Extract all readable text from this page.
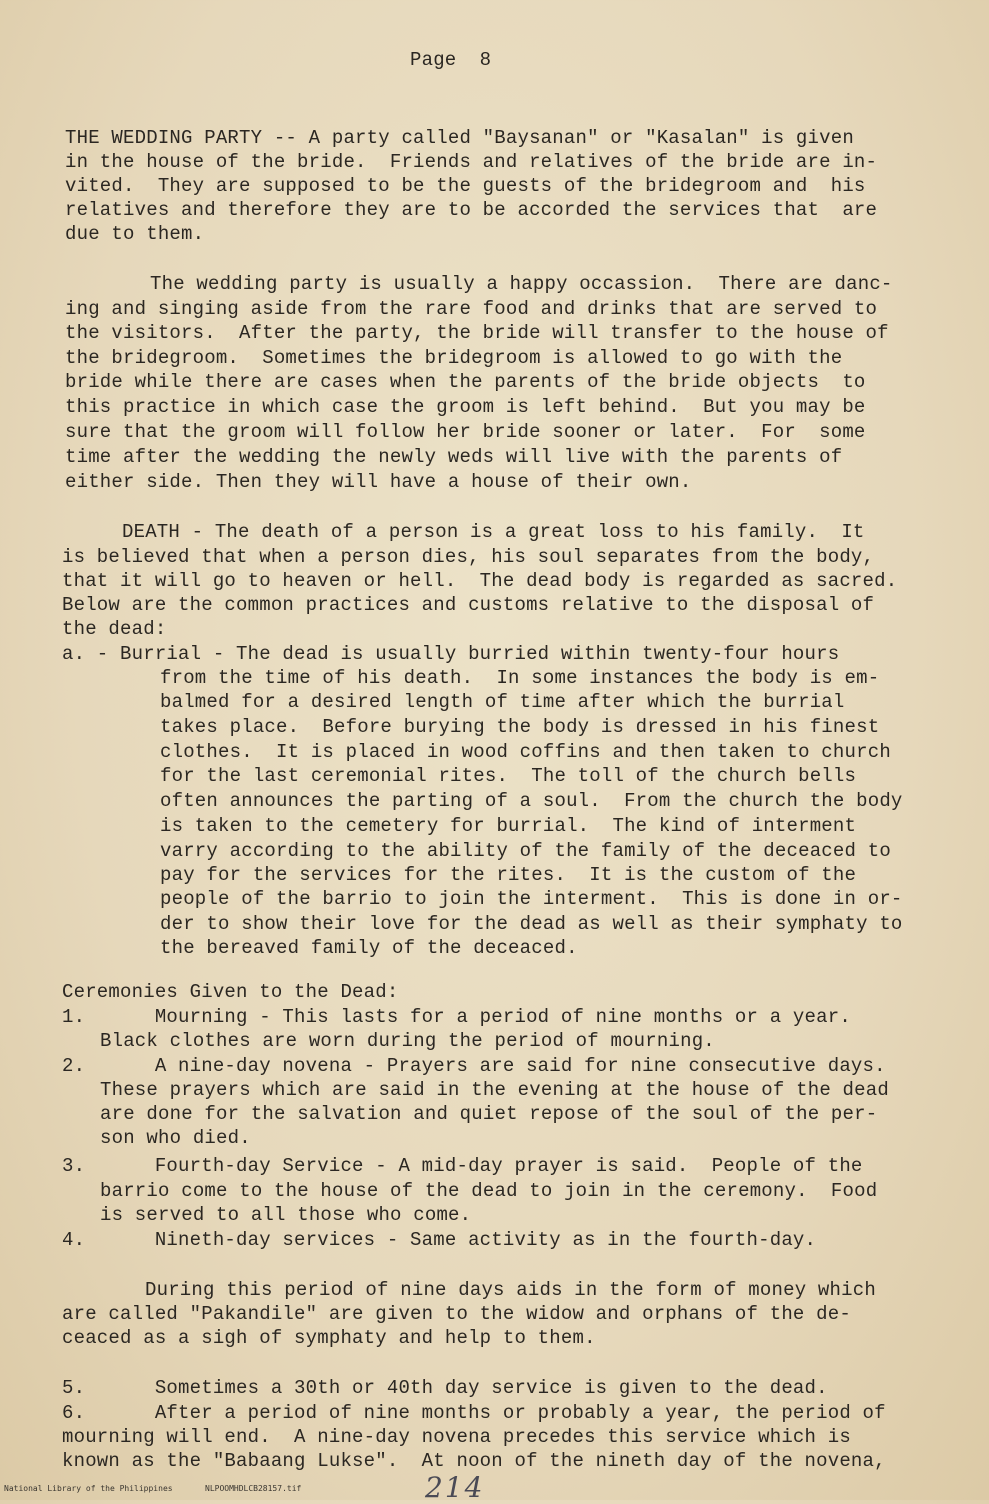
Page  8
THE WEDDING PARTY -- A party called "Baysanan" or "Kasalan" is given
in the house of the bride.  Friends and relatives of the bride are in-
vited.  They are supposed to be the guests of the bridegroom and  his
relatives and therefore they are to be accorded the services that  are
due to them.
The wedding party is usually a happy occassion.  There are danc-
ing and singing aside from the rare food and drinks that are served to
the visitors.  After the party, the bride will transfer to the house of
the bridegroom.  Sometimes the bridegroom is allowed to go with the
bride while there are cases when the parents of the bride objects  to
this practice in which case the groom is left behind.  But you may be
sure that the groom will follow her bride sooner or later.  For  some
time after the wedding the newly weds will live with the parents of
either side. Then they will have a house of their own.
DEATH - The death of a person is a great loss to his family.  It
is believed that when a person dies, his soul separates from the body,
that it will go to heaven or hell.  The dead body is regarded as sacred.
Below are the common practices and customs relative to the disposal of
the dead:
a. - Burrial - The dead is usually burried within twenty-four hours
from the time of his death.  In some instances the body is em-
balmed for a desired length of time after which the burrial
takes place.  Before burying the body is dressed in his finest
clothes.  It is placed in wood coffins and then taken to church
for the last ceremonial rites.  The toll of the church bells
often announces the parting of a soul.  From the church the body
is taken to the cemetery for burrial.  The kind of interment
varry according to the ability of the family of the deceaced to
pay for the services for the rites.  It is the custom of the
people of the barrio to join the interment.  This is done in or-
der to show their love for the dead as well as their symphaty to
the bereaved family of the deceaced.
Ceremonies Given to the Dead:
1.      Mourning - This lasts for a period of nine months or a year.
Black clothes are worn during the period of mourning.
2.      A nine-day novena - Prayers are said for nine consecutive days.
These prayers which are said in the evening at the house of the dead
are done for the salvation and quiet repose of the soul of the per-
son who died.
3.      Fourth-day Service - A mid-day prayer is said.  People of the
barrio come to the house of the dead to join in the ceremony.  Food
is served to all those who come.
4.      Nineth-day services - Same activity as in the fourth-day.
During this period of nine days aids in the form of money which
are called "Pakandile" are given to the widow and orphans of the de-
ceaced as a sigh of symphaty and help to them.
5.      Sometimes a 30th or 40th day service is given to the dead.
6.      After a period of nine months or probably a year, the period of
mourning will end.  A nine-day novena precedes this service which is
known as the "Babaang Lukse".  At noon of the nineth day of the novena,
National Library of the Philippines	NLPOOMHDLCB28157.tif	214
